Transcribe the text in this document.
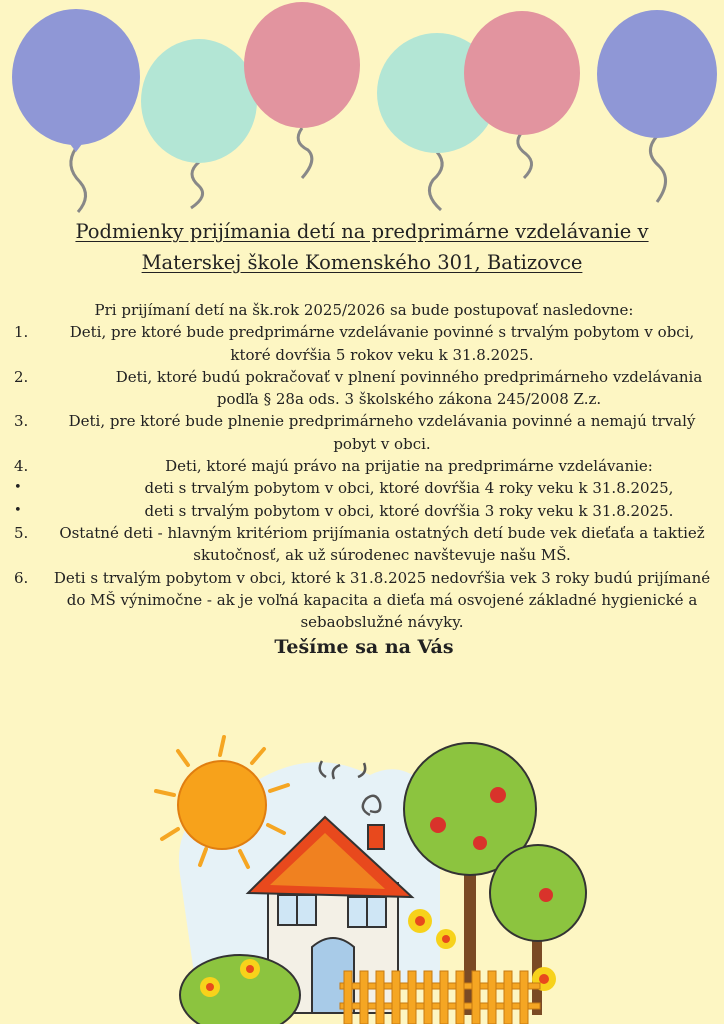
Podmienky prijímania detí na predprimárne vzdelávanie v
Materskej škole Komenského 301, Batizovce

Pri prijímaní detí na šk.rok 2025/2026 sa bude postupovať nasledovne:

1.	Deti, pre ktoré bude predprimárne vzdelávanie povinné s trvalým pobytom v obci, ktoré dovŕšia 5 rokov veku k 31.8.2025.
2.	Deti, ktoré budú pokračovať v plnení povinného predprimárneho vzdelávania podľa § 28a ods. 3 školského zákona 245/2008 Z.z.
3.	Deti, pre ktoré bude plnenie predprimárneho vzdelávania povinné a nemajú trvalý pobyt v obci.
4.	Deti, ktoré majú právo na prijatie na predprimárne vzdelávanie:
•	deti s trvalým pobytom v obci, ktoré dovŕšia 4 roky veku k 31.8.2025,
•	deti s trvalým pobytom v obci, ktoré dovŕšia 3 roky veku k 31.8.2025.
5.	Ostatné deti - hlavným kritériom prijímania ostatných detí bude vek dieťaťa a taktiež skutočnosť, ak už súrodenec navštevuje našu MŠ.
6.	Deti s trvalým pobytom v obci, ktoré k 31.8.2025 nedovŕšia vek 3 roky budú prijímané do MŠ výnimočne - ak je voľná kapacita a dieťa má osvojené základné hygienické a sebaobslužné návyky.
Tešíme sa na Vás
